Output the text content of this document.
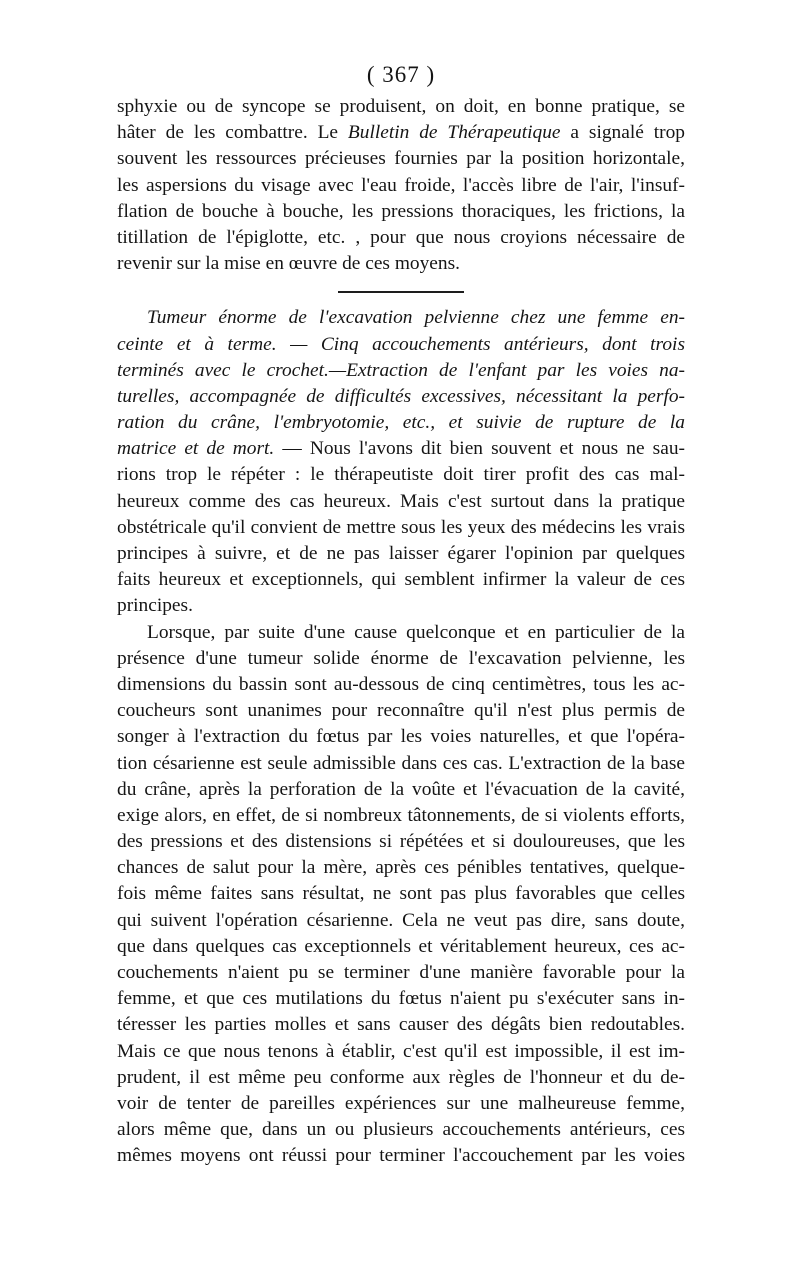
( 367 )
sphyxie ou de syncope se produisent, on doit, en bonne pratique, se
hâter de les combattre. Le Bulletin de Thérapeutique a signalé trop
souvent les ressources précieuses fournies par la position horizontale,
les aspersions du visage avec l'eau froide, l'accès libre de l'air, l'insuf-
flation de bouche à bouche, les pressions thoraciques, les frictions, la
titillation de l'épiglotte, etc. , pour que nous croyions nécessaire de
revenir sur la mise en œuvre de ces moyens.
Tumeur énorme de l'excavation pelvienne chez une femme en-
ceinte et à terme. — Cinq accouchements antérieurs, dont trois
terminés avec le crochet.—Extraction de l'enfant par les voies na-
turelles, accompagnée de difficultés excessives, nécessitant la perfo-
ration du crâne, l'embryotomie, etc., et suivie de rupture de la
matrice et de mort. — Nous l'avons dit bien souvent et nous ne sau-
rions trop le répéter : le thérapeutiste doit tirer profit des cas mal-
heureux comme des cas heureux. Mais c'est surtout dans la pratique
obstétricale qu'il convient de mettre sous les yeux des médecins les vrais
principes à suivre, et de ne pas laisser égarer l'opinion par quelques
faits heureux et exceptionnels, qui semblent infirmer la valeur de ces
principes.
Lorsque, par suite d'une cause quelconque et en particulier de la
présence d'une tumeur solide énorme de l'excavation pelvienne, les
dimensions du bassin sont au-dessous de cinq centimètres, tous les ac-
coucheurs sont unanimes pour reconnaître qu'il n'est plus permis de
songer à l'extraction du fœtus par les voies naturelles, et que l'opéra-
tion césarienne est seule admissible dans ces cas. L'extraction de la base
du crâne, après la perforation de la voûte et l'évacuation de la cavité,
exige alors, en effet, de si nombreux tâtonnements, de si violents efforts,
des pressions et des distensions si répétées et si douloureuses, que les
chances de salut pour la mère, après ces pénibles tentatives, quelque-
fois même faites sans résultat, ne sont pas plus favorables que celles
qui suivent l'opération césarienne. Cela ne veut pas dire, sans doute,
que dans quelques cas exceptionnels et véritablement heureux, ces ac-
couchements n'aient pu se terminer d'une manière favorable pour la
femme, et que ces mutilations du fœtus n'aient pu s'exécuter sans in-
téresser les parties molles et sans causer des dégâts bien redoutables.
Mais ce que nous tenons à établir, c'est qu'il est impossible, il est im-
prudent, il est même peu conforme aux règles de l'honneur et du de-
voir de tenter de pareilles expériences sur une malheureuse femme,
alors même que, dans un ou plusieurs accouchements antérieurs, ces
mêmes moyens ont réussi pour terminer l'accouchement par les voies
